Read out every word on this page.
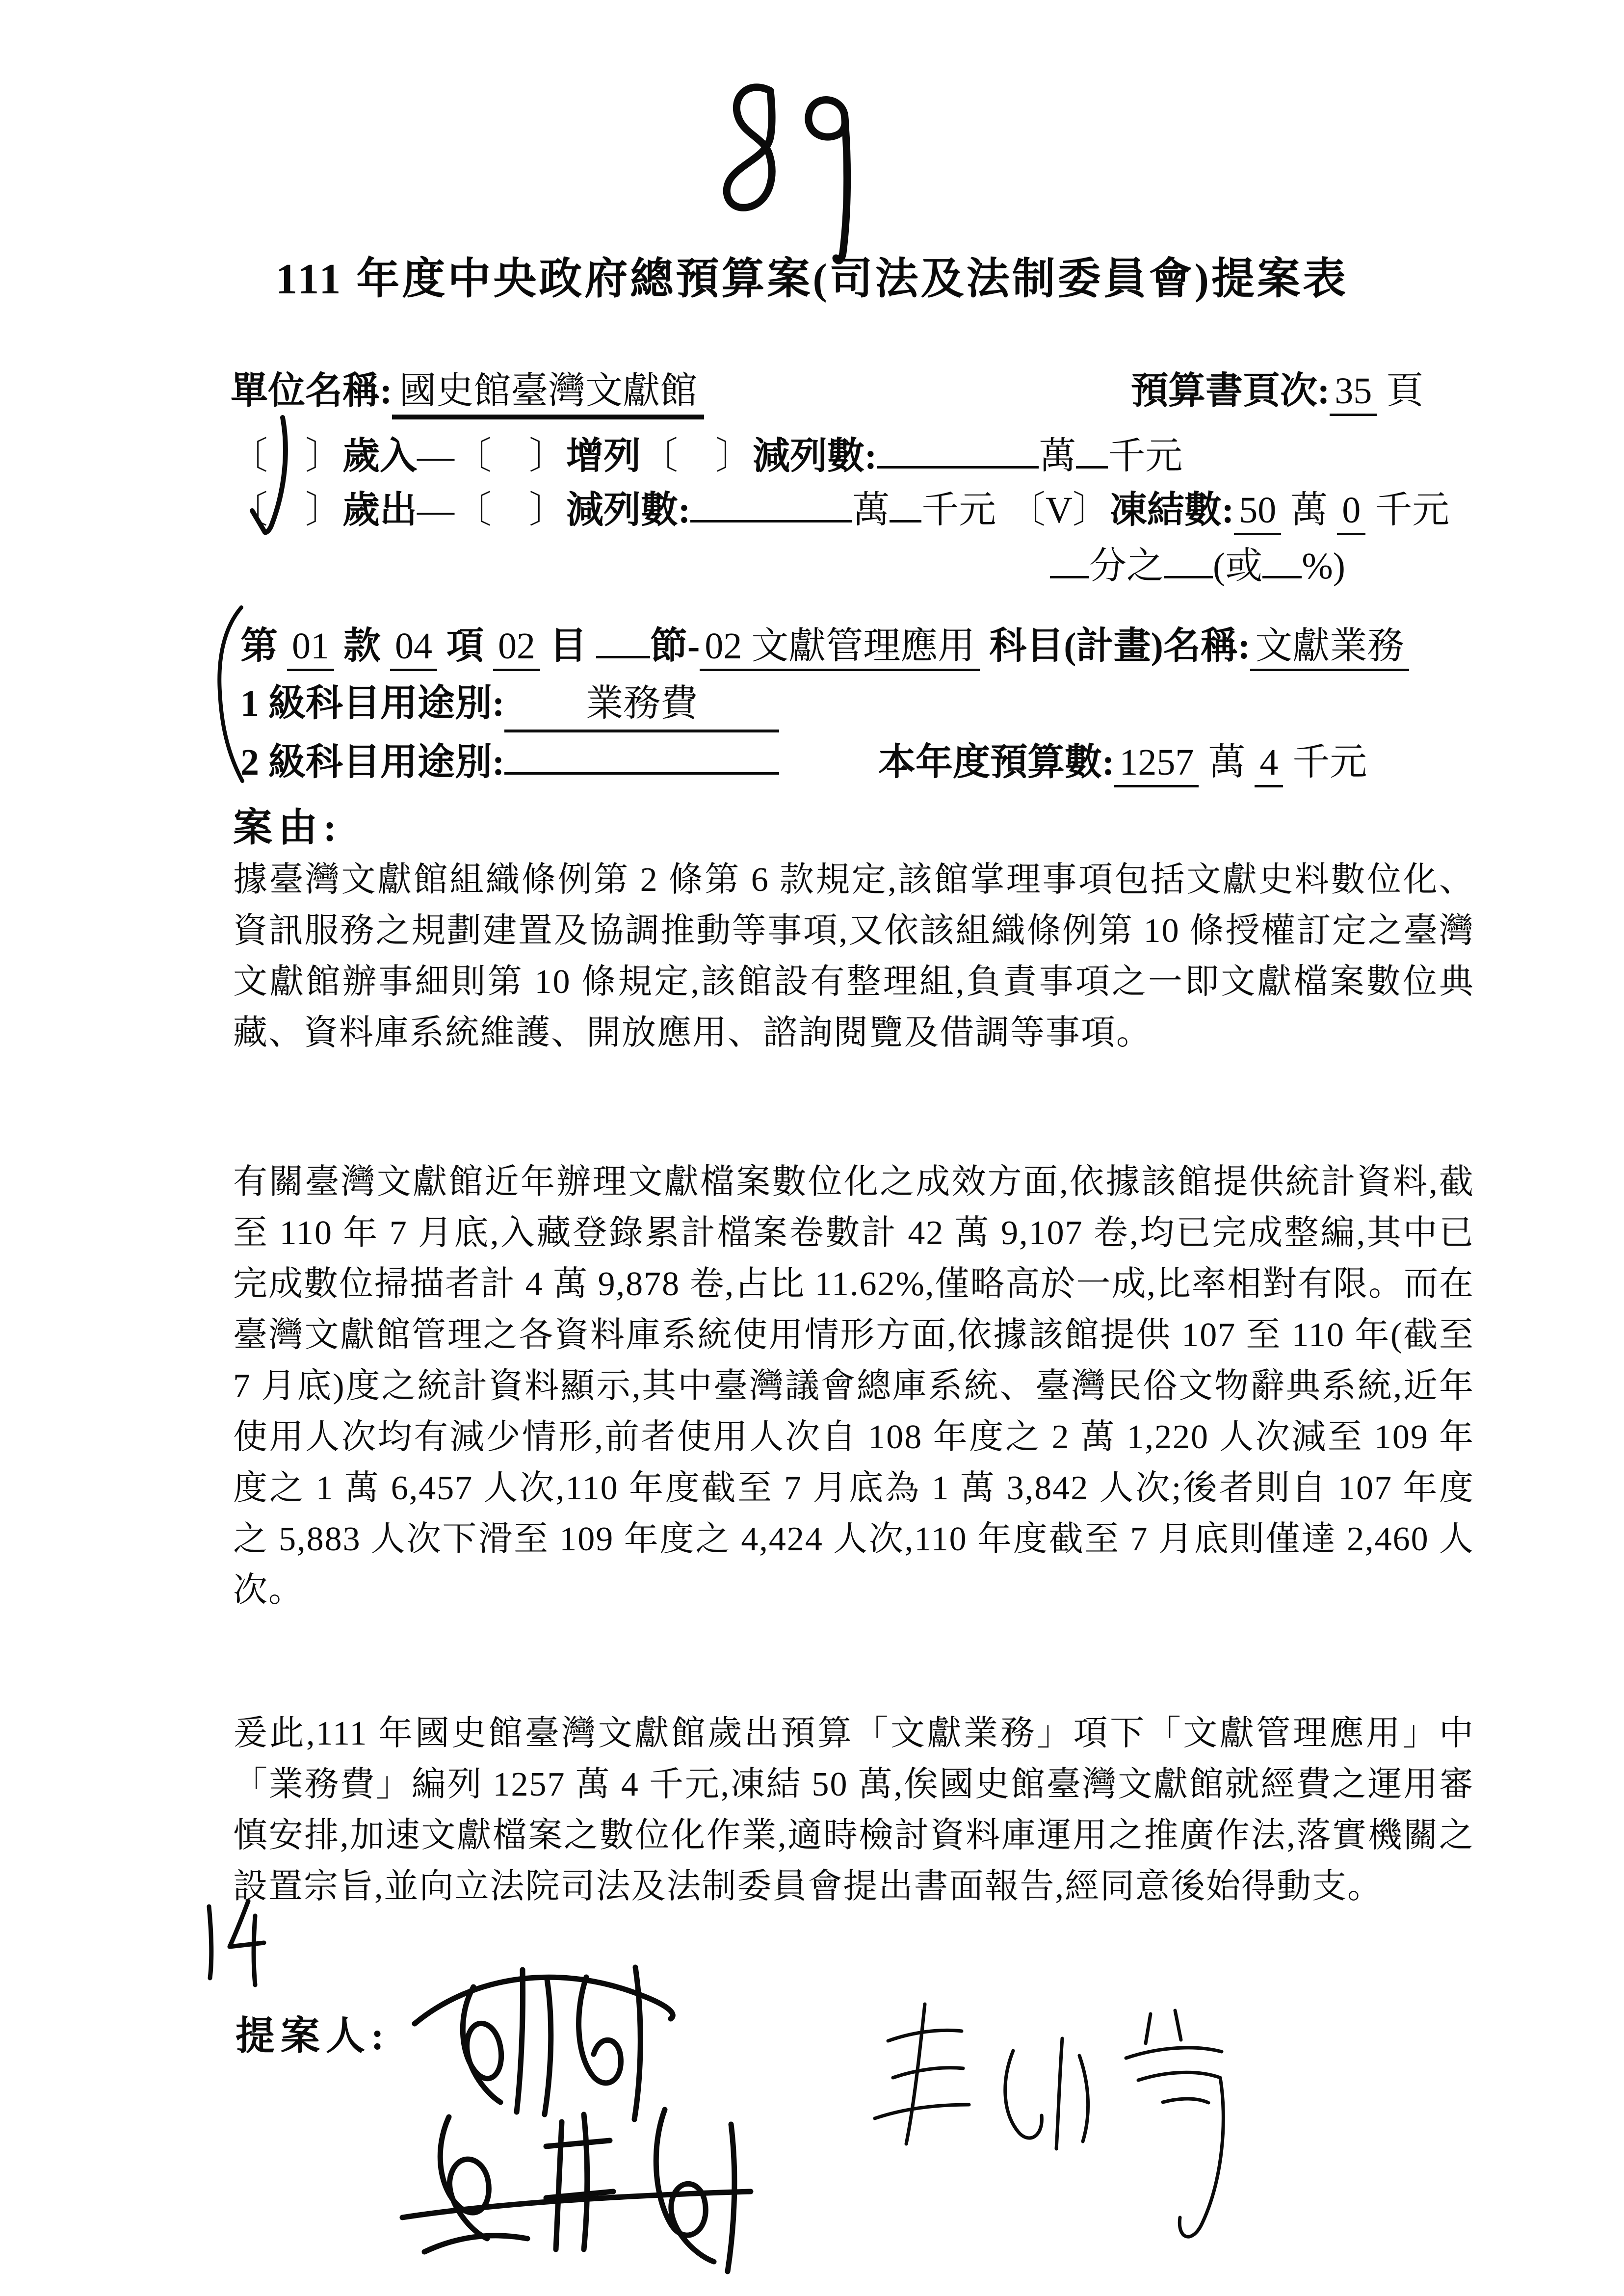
111 年度中央政府總預算案(司法及法制委員會)提案表
單位名稱: 國史館臺灣文獻館	預算書頁次: 35 頁
〔　〕歲入—〔　〕增列〔　〕減列數:	萬 千元
〔　〕歲出—〔　〕減列數:	萬 千元 〔V〕凍結數: 50 萬 0 千元
分之 (或 %)
第 01 款 04 項 02 目 節- 02 文獻管理應用 科目(計畫)名稱: 文獻業務
1 級科目用途別: 業務費
2 級科目用途別:	本年度預算數: 1257 萬 4 千元
案由:
據臺灣文獻館組織條例第 2 條第 6 款規定,該館掌理事項包括文獻史料數位化、資訊服務之規劃建置及協調推動等事項,又依該組織條例第 10 條授權訂定之臺灣文獻館辦事細則第 10 條規定,該館設有整理組,負責事項之一即文獻檔案數位典藏、資料庫系統維護、開放應用、諮詢閱覽及借調等事項。
有關臺灣文獻館近年辦理文獻檔案數位化之成效方面,依據該館提供統計資料,截至 110 年 7 月底,入藏登錄累計檔案卷數計 42 萬 9,107 卷,均已完成整編,其中已完成數位掃描者計 4 萬 9,878 卷,占比 11.62%,僅略高於一成,比率相對有限。而在臺灣文獻館管理之各資料庫系統使用情形方面,依據該館提供 107 至 110 年(截至 7 月底)度之統計資料顯示,其中臺灣議會總庫系統、臺灣民俗文物辭典系統,近年使用人次均有減少情形,前者使用人次自 108 年度之 2 萬 1,220 人次減至 109 年度之 1 萬 6,457 人次,110 年度截至 7 月底為 1 萬 3,842 人次;後者則自 107 年度之 5,883 人次下滑至 109 年度之 4,424 人次,110 年度截至 7 月底則僅達 2,460 人次。
爰此,111 年國史館臺灣文獻館歲出預算「文獻業務」項下「文獻管理應用」中「業務費」編列 1257 萬 4 千元,凍結 50 萬,俟國史館臺灣文獻館就經費之運用審慎安排,加速文獻檔案之數位化作業,適時檢討資料庫運用之推廣作法,落實機關之設置宗旨,並向立法院司法及法制委員會提出書面報告,經同意後始得動支。
提案人:
